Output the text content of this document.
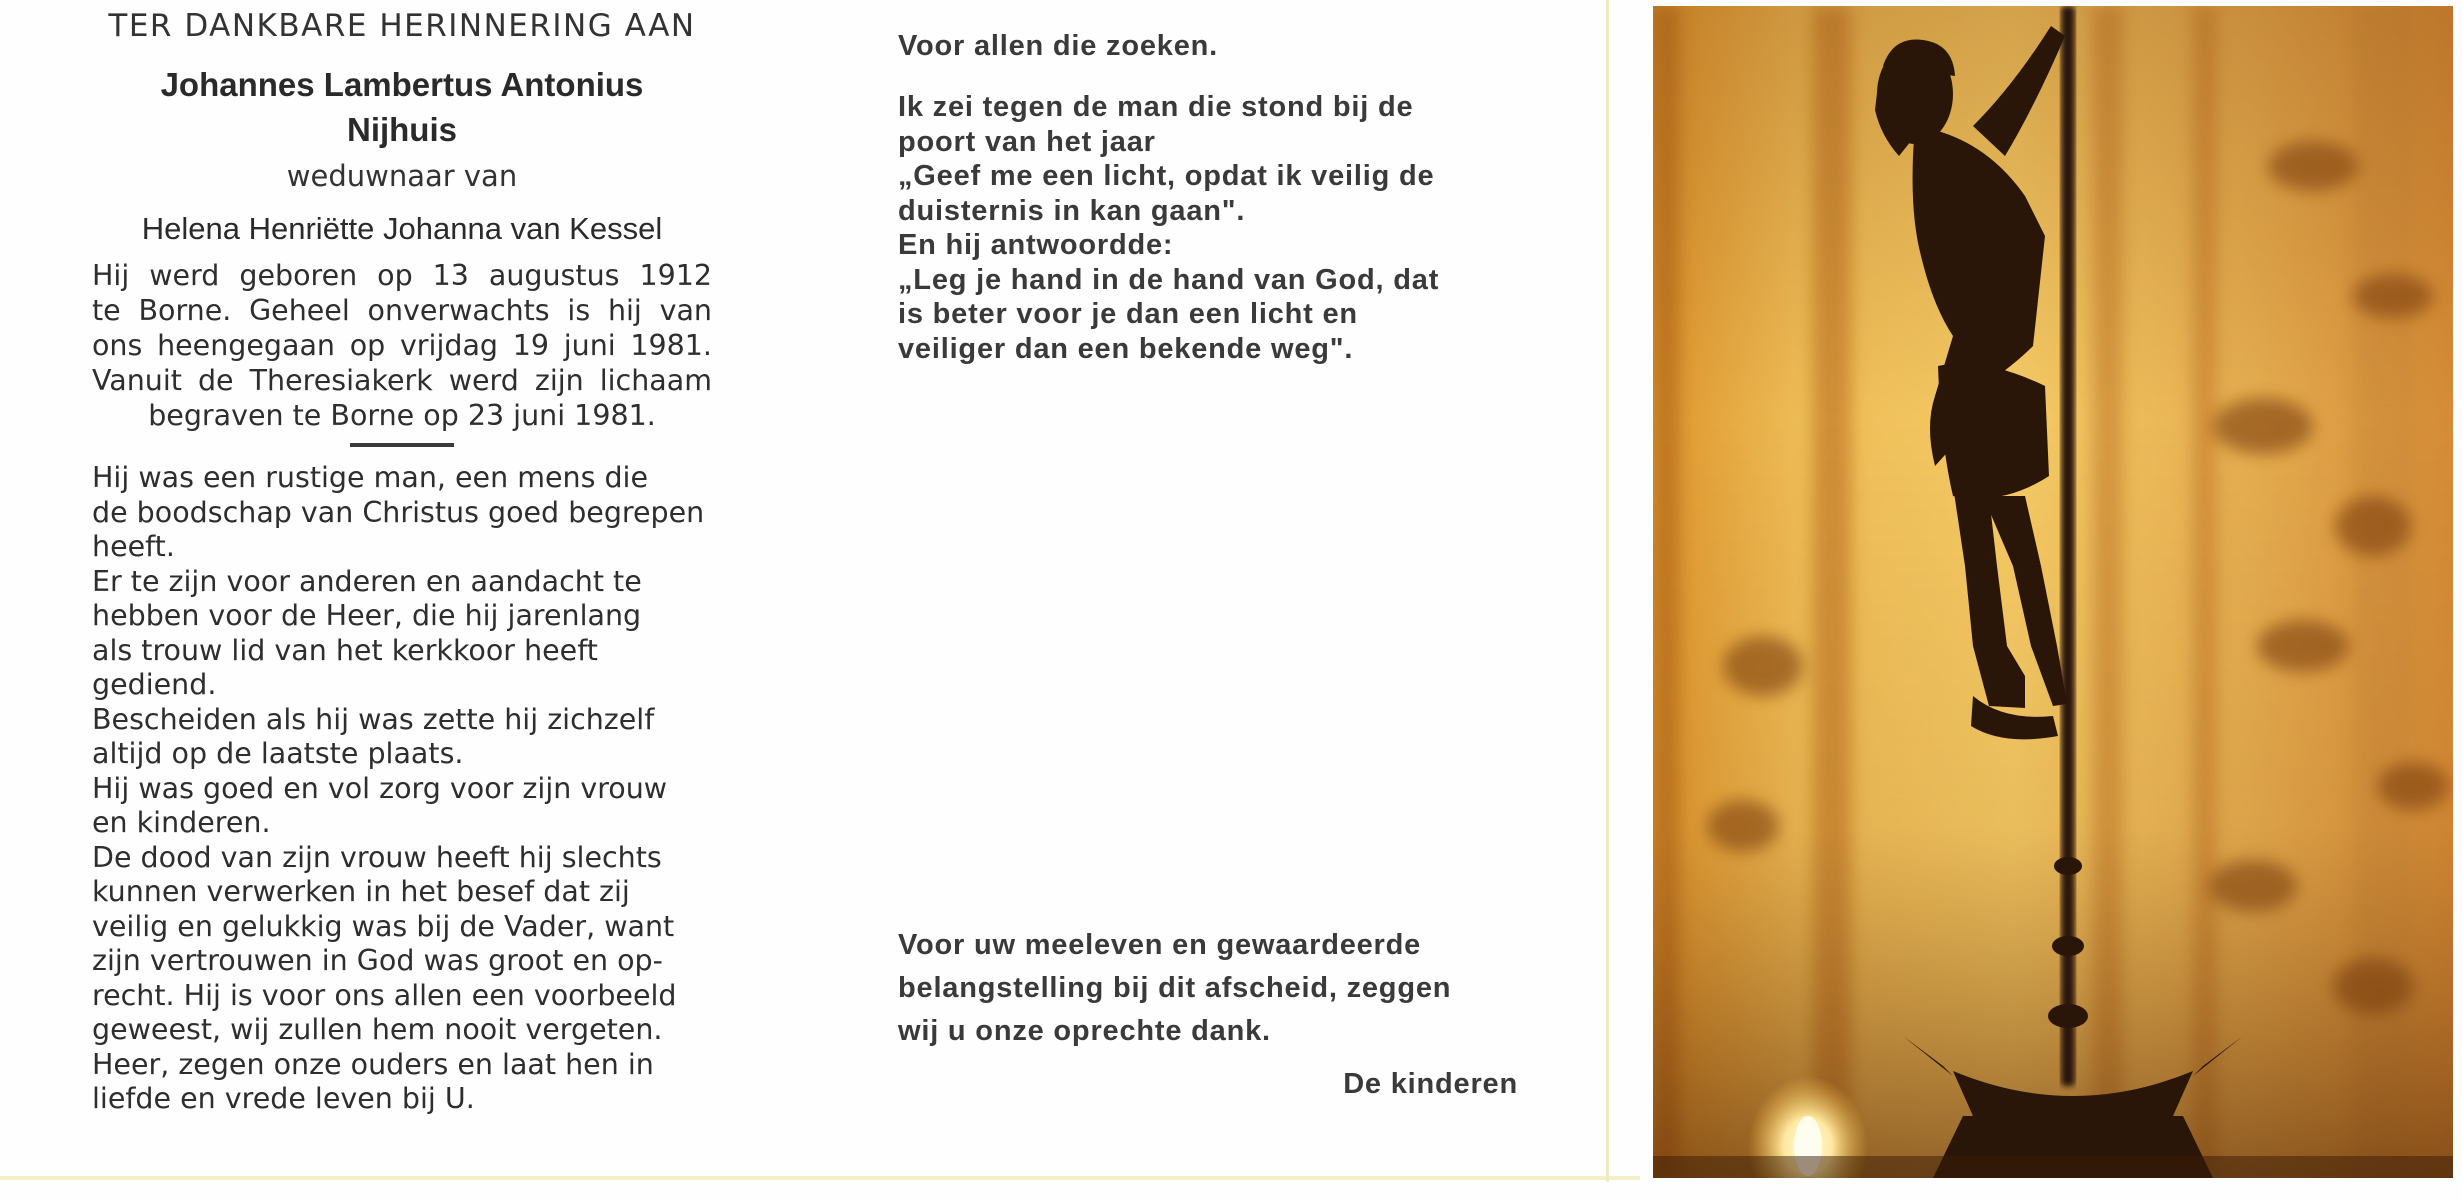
TER DANKBARE HERINNERING AAN
Johannes Lambertus Antonius
Nijhuis
weduwnaar van
Helena Henriëtte Johanna van Kessel
Hij werd geboren op 13 augustus 1912
te Borne. Geheel onverwachts is hij van
ons heengegaan op vrijdag 19 juni 1981.
Vanuit de Theresiakerk werd zijn lichaam
begraven te Borne op 23 juni 1981.
Hij was een rustige man, een mens die
de boodschap van Christus goed begrepen
heeft.
Er te zijn voor anderen en aandacht te
hebben voor de Heer, die hij jarenlang
als trouw lid van het kerkkoor heeft
gediend.
Bescheiden als hij was zette hij zichzelf
altijd op de laatste plaats.
Hij was goed en vol zorg voor zijn vrouw
en kinderen.
De dood van zijn vrouw heeft hij slechts
kunnen verwerken in het besef dat zij
veilig en gelukkig was bij de Vader, want
zijn vertrouwen in God was groot en op-
recht. Hij is voor ons allen een voorbeeld
geweest, wij zullen hem nooit vergeten.
Heer, zegen onze ouders en laat hen in
liefde en vrede leven bij U.
Voor allen die zoeken.
Ik zei tegen de man die stond bij de
poort van het jaar
„Geef me een licht, opdat ik veilig de
duisternis in kan gaan".
En hij antwoordde:
„Leg je hand in de hand van God, dat
is beter voor je dan een licht en
veiliger dan een bekende weg".
Voor uw meeleven en gewaardeerde
belangstelling bij dit afscheid, zeggen
wij u onze oprechte dank.
De kinderen
